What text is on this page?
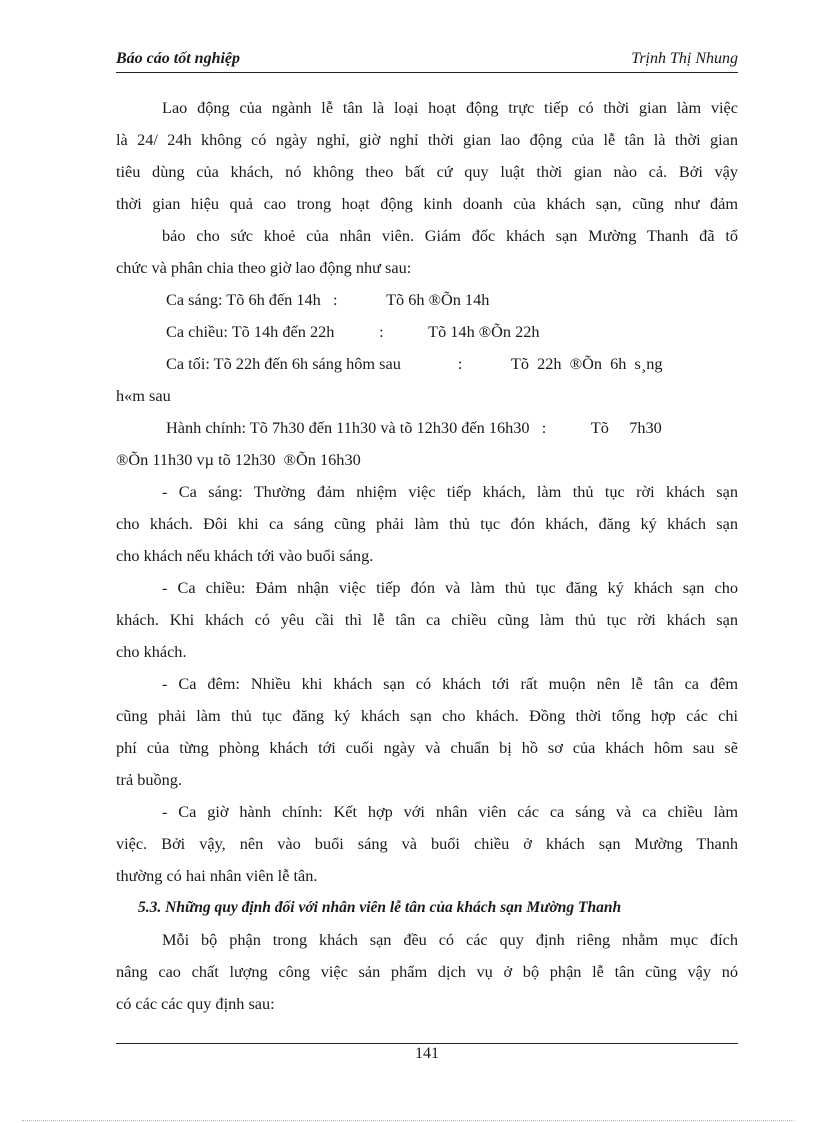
Báo cáo tốt nghiệp	Trịnh Thị Nhung
Lao động của ngành lễ tân là loại hoạt động trực tiếp có thời gian làm việc
là 24/ 24h không có ngày nghỉ, giờ nghỉ thời gian lao động của lễ tân là thời gian
tiêu dùng của khách, nó không theo bất cứ quy luật thời gian nào cả. Bởi vậy
thời gian hiệu quả cao trong hoạt động kinh doanh của khách sạn, cũng như đảm
bảo cho sức khoẻ của nhân viên. Giám đốc khách sạn Mường Thanh đã tổ
chức và phân chia theo giờ lao động như sau:
Ca sáng: Tõ 6h đến 14h   :            Tõ 6h ®Õn 14h
Ca chiều: Tõ 14h đến 22h           :           Tõ 14h ®Õn 22h
Ca tối: Tõ 22h đến 6h sáng hôm sau              :            Tõ  22h  ®Õn  6h  s¸ng
h«m sau
Hành chính: Tõ 7h30 đến 11h30 và tõ 12h30 đến 16h30   :           Tõ     7h30
®Õn 11h30 vµ tõ 12h30  ®Õn 16h30
- Ca sáng: Thường đảm nhiệm việc tiếp khách, làm thủ tục rời khách sạn
cho khách. Đôi khi ca sáng cũng phải làm thủ tục đón khách, đăng ký khách sạn
cho khách nếu khách tới vào buổi sáng.
- Ca chiều: Đảm nhận việc tiếp đón và làm thủ tục đăng ký khách sạn cho
khách. Khi khách có yêu cầi thì lễ tân ca chiều cũng làm thủ tục rời khách sạn
cho khách.
- Ca đêm: Nhiều khi khách sạn có khách tới rất muộn nên lễ tân ca đêm
cũng phải làm thủ tục đăng ký khách sạn cho khách. Đồng thời tổng hợp các chi
phí của từng phòng khách tới cuối ngày và chuẩn bị hồ sơ của khách hôm sau sẽ
trả buồng.
- Ca giờ hành chính: Kết hợp với nhân viên các ca sáng và ca chiều làm
việc. Bởi vậy, nên vào buổi sáng và buổi chiều ở khách sạn Mường Thanh
thường có hai nhân viên lễ tân.
5.3. Những quy định đối với nhân viên lễ tân của khách sạn Mường Thanh
Mỗi bộ phận trong khách sạn đều có các quy định riêng nhằm mục đích
nâng cao chất lượng công việc sản phẩm dịch vụ ở bộ phận lễ tân cũng vậy nó
có các các quy định sau:
141
